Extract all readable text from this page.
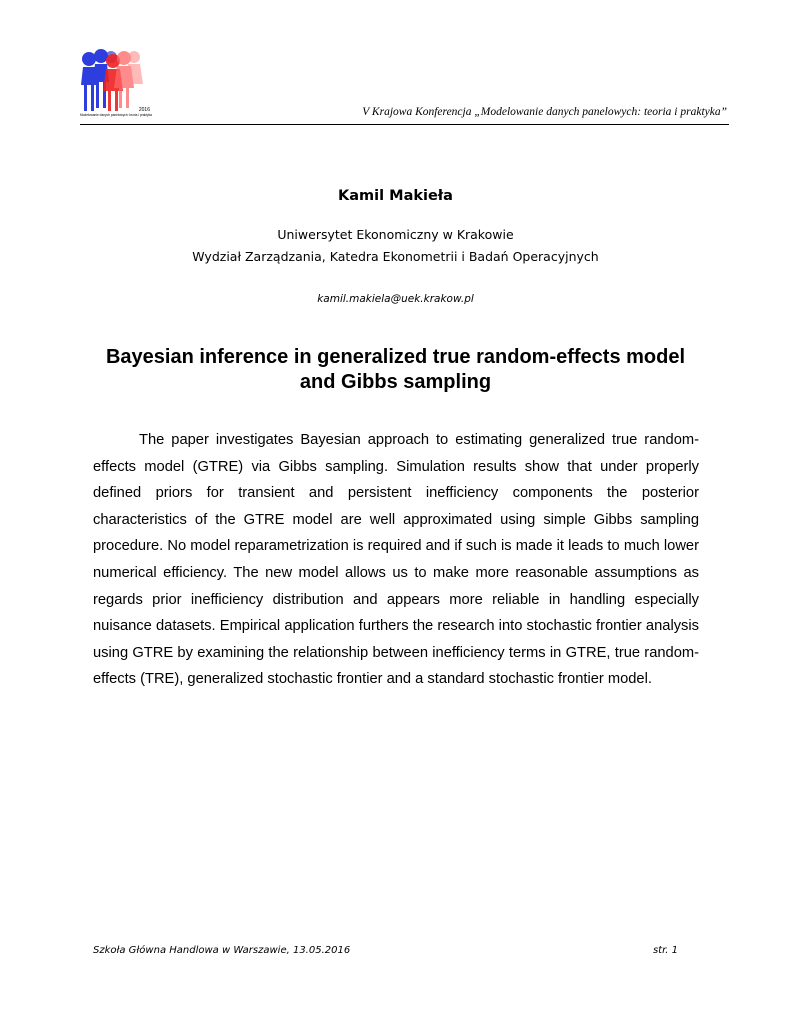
2016
Modelowanie danych panelowych: teoria i praktyka	V Krajowa Konferencja „Modelowanie danych panelowych: teoria i praktyka”
Kamil Makieła
Uniwersytet Ekonomiczny w Krakowie
Wydział Zarządzania, Katedra Ekonometrii i Badań Operacyjnych
kamil.makiela@uek.krakow.pl
Bayesian inference in generalized true random-effects model
and Gibbs sampling

The paper investigates Bayesian approach to estimating generalized true random-effects model (GTRE) via Gibbs sampling. Simulation results show that under properly defined priors for transient and persistent inefficiency components the posterior characteristics of the GTRE model are well approximated using simple Gibbs sampling procedure. No model reparametrization is required and if such is made it leads to much lower numerical efficiency. The new model allows us to make more reasonable assumptions as regards prior inefficiency distribution and appears more reliable in handling especially nuisance datasets. Empirical application furthers the research into stochastic frontier analysis using GTRE by examining the relationship between inefficiency terms in GTRE, true random-effects (TRE), generalized stochastic frontier and a standard stochastic frontier model.

Szkoła Główna Handlowa w Warszawie, 13.05.2016	str. 1
